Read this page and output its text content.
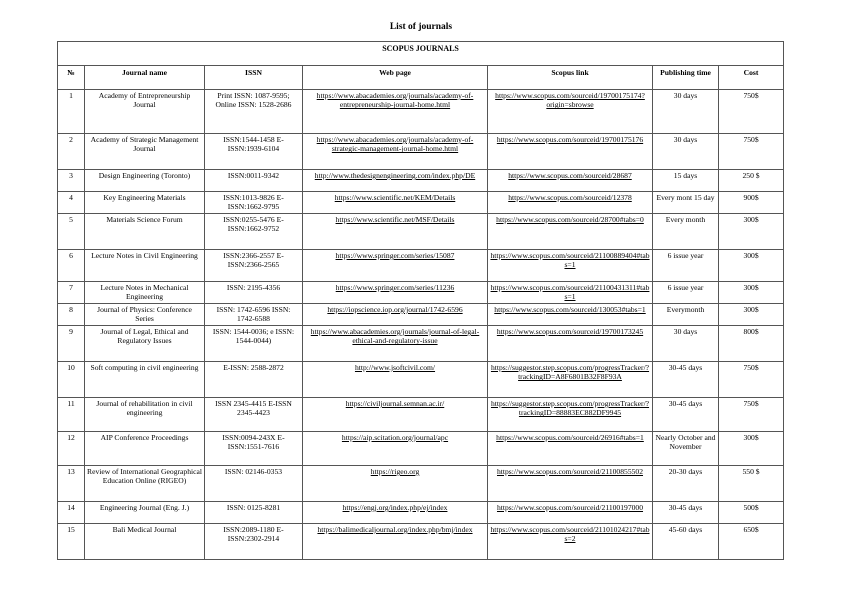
List of journals
SCOPUS JOURNALS						
№	Journal name	ISSN	Web page	Scopus link	Publishing time	Cost
1	Academy of Entrepreneurship Journal	Print ISSN: 1087-9595; Online ISSN: 1528-2686	https://www.abacademies.org/journals/academy-of-entrepreneurship-journal-home.html	https://www.scopus.com/sourceid/19700175174?origin=sbrowse	30 days	750$
2	Academy of Strategic Management Journal	ISSN:1544-1458 E-ISSN:1939-6104	https://www.abacademies.org/journals/academy-of-strategic-management-journal-home.html	https://www.scopus.com/sourceid/19700175176	30 days	750$
3	Design Engineering (Toronto)	ISSN:0011-9342	http://www.thedesignengineering.com/index.php/DE	https://www.scopus.com/sourceid/28687	15 days	250 $
4	Key Engineering Materials	ISSN:1013-9826 E-ISSN:1662-9795	https://www.scientific.net/KEM/Details	https://www.scopus.com/sourceid/12378	Every mont 15 day	900$
5	Materials Science Forum	ISSN:0255-5476 E-ISSN:1662-9752	https://www.scientific.net/MSF/Details	https://www.scopus.com/sourceid/28700#tabs=0	Every month	300$
6	Lecture Notes in Civil Engineering	ISSN:2366-2557 E-ISSN:2366-2565	https://www.springer.com/series/15087	https://www.scopus.com/sourceid/21100889404#tabs=1	6 issue year	300$
7	Lecture Notes in Mechanical Engineering	ISSN: 2195-4356	https://www.springer.com/series/11236	https://www.scopus.com/sourceid/21100431311#tabs=1	6 issue year	300$
8	Journal of Physics: Conference Series	ISSN: 1742-6596 ISSN: 1742-6588	https://iopscience.iop.org/journal/1742-6596	https://www.scopus.com/sourceid/130053#tabs=1	Everymonth	300$
9	Journal of Legal, Ethical and Regulatory Issues	ISSN: 1544-0036; e ISSN: 1544-0044)	https://www.abacademies.org/journals/journal-of-legal-ethical-and-regulatory-issue	https://www.scopus.com/sourceid/19700173245	30 days	800$
10	Soft computing in civil engineering	E-ISSN: 2588-2872	http://www.jsoftcivil.com/	https://suggestor.step.scopus.com/progressTracker/?trackingID=A8F6801B32F8F93A	30-45 days	750$
11	Journal of rehabilitation in civil engineering	ISSN 2345-4415 E-ISSN 2345-4423	https://civiljournal.semnan.ac.ir/	https://suggestor.step.scopus.com/progressTracker/?trackingID=88883EC882DF9945	30-45 days	750$
12	AIP Conference Proceedings	ISSN:0094-243X E-ISSN:1551-7616	https://aip.scitation.org/journal/apc	https://www.scopus.com/sourceid/26916#tabs=1	Nearly October and November	300$
13	Review of International Geographical Education Online (RIGEO)	ISSN: 02146-0353	https://rigeo.org	https://www.scopus.com/sourceid/21100855502	20-30 days	550 $
14	Engineering Journal (Eng. J.)	ISSN: 0125-8281	https://engj.org/index.php/ej/index	https://www.scopus.com/sourceid/21100197000	30-45 days	500$
15	Bali Medical Journal	ISSN:2089-1180 E-ISSN:2302-2914	https://balimedicaljournal.org/index.php/bmj/index	https://www.scopus.com/sourceid/21101024217#tabs=2	45-60 days	650$
